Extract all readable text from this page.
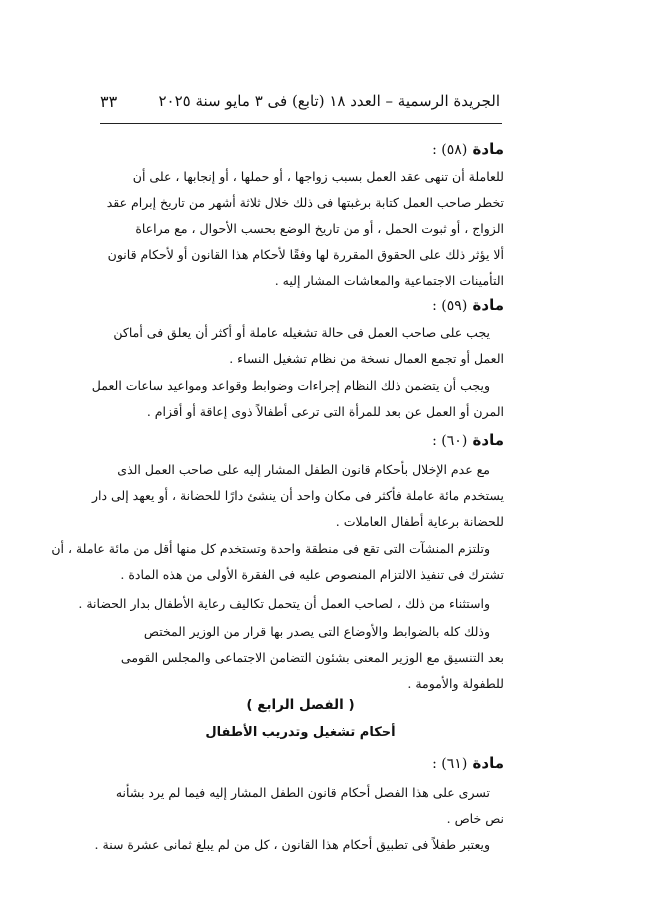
الجريدة الرسمية – العدد ١٨ (تابع) فى ٣ مايو سنة ٢٠٢٥
٣٣
مادة (٥٨) :
للعاملة أن تنهى عقد العمل بسبب زواجها ، أو حملها ، أو إنجابها ، على أن
تخطر صاحب العمل كتابة برغبتها فى ذلك خلال ثلاثة أشهر من تاريخ إبرام عقد
الزواج ، أو ثبوت الحمل ، أو من تاريخ الوضع بحسب الأحوال ، مع مراعاة
ألا يؤثر ذلك على الحقوق المقررة لها وفقًا لأحكام هذا القانون أو لأحكام قانون
التأمينات الاجتماعية والمعاشات المشار إليه .
مادة (٥٩) :
يجب على صاحب العمل فى حالة تشغيله عاملة أو أكثر أن يعلق فى أماكن
العمل أو تجمع العمال نسخة من نظام تشغيل النساء .
ويجب أن يتضمن ذلك النظام إجراءات وضوابط وقواعد ومواعيد ساعات العمل
المرن أو العمل عن بعد للمرأة التى ترعى أطفالاً ذوى إعاقة أو أقزام .
مادة (٦٠) :
مع عدم الإخلال بأحكام قانون الطفل المشار إليه على صاحب العمل الذى
يستخدم مائة عاملة فأكثر فى مكان واحد أن ينشئ دارًا للحضانة ، أو يعهد إلى دار
للحضانة برعاية أطفال العاملات .
وتلتزم المنشآت التى تقع فى منطقة واحدة وتستخدم كل منها أقل من مائة عاملة ، أن
تشترك فى تنفيذ الالتزام المنصوص عليه فى الفقرة الأولى من هذه المادة .
واستثناء من ذلك ، لصاحب العمل أن يتحمل تكاليف رعاية الأطفال بدار الحضانة .
وذلك كله بالضوابط والأوضاع التى يصدر بها قرار من الوزير المختص
بعد التنسيق مع الوزير المعنى بشئون التضامن الاجتماعى والمجلس القومى
للطفولة والأمومة .
( الفصل الرابع )
أحكام تشغيل وتدريب الأطفال
مادة (٦١) :
تسرى على هذا الفصل أحكام قانون الطفل المشار إليه فيما لم يرد بشأنه
نص خاص .
ويعتبر طفلاً فى تطبيق أحكام هذا القانون ، كل من لم يبلغ ثمانى عشرة سنة .
